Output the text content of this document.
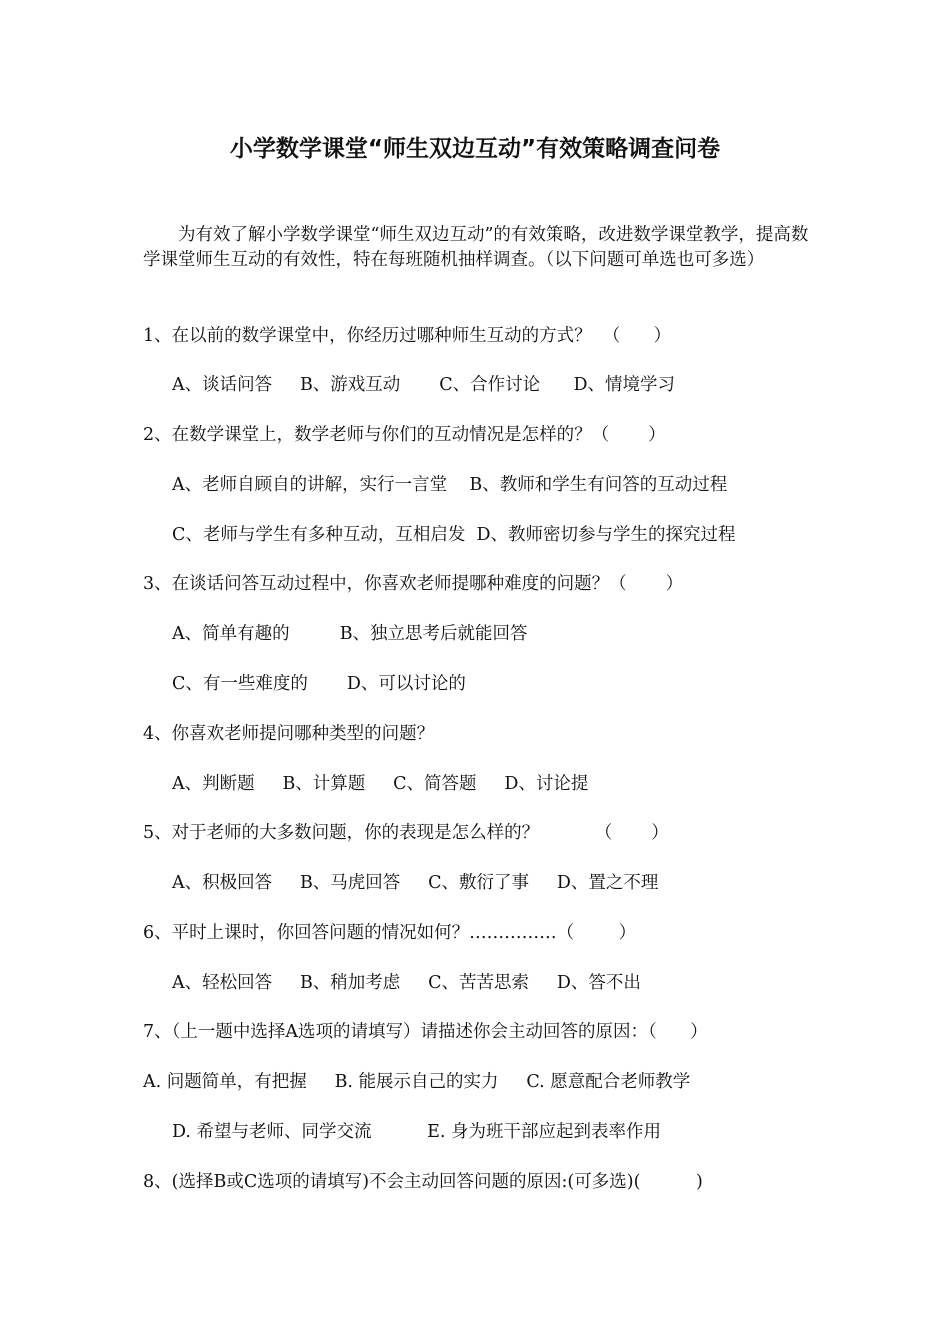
小学数学课堂“师生双边互动”有效策略调查问卷
为有效了解小学数学课堂“师生双边互动”的有效策略，改进数学课堂教学，提高数学课堂师生互动的有效性，特在每班随机抽样调查。（以下问题可单选也可多选）
1、在以前的数学课堂中，你经历过哪种师生互动的方式？  （      ）
A、谈话问答     B、游戏互动       C、合作讨论      D、情境学习
2、在数学课堂上，数学老师与你们的互动情况是怎样的？（       ）
A、老师自顾自的讲解，实行一言堂    B、教师和学生有问答的互动过程
C、老师与学生有多种互动，互相启发  D、教师密切参与学生的探究过程
3、在谈话问答互动过程中，你喜欢老师提哪种难度的问题？（       ）
A、简单有趣的         B、独立思考后就能回答
C、有一些难度的       D、可以讨论的
4、你喜欢老师提问哪种类型的问题？
A、判断题     B、计算题     C、简答题     D、讨论提
5、对于老师的大多数问题，你的表现是怎么样的？          （       ）
A、积极回答     B、马虎回答     C、敷衍了事     D、置之不理
6、平时上课时，你回答问题的情况如何？……………（        ）
A、轻松回答     B、稍加考虑     C、苦苦思索     D、答不出
7、（上一题中选择A选项的请填写）请描述你会主动回答的原因：（      ）
A. 问题简单，有把握     B. 能展示自己的实力     C. 愿意配合老师教学
D. 希望与老师、同学交流          E. 身为班干部应起到表率作用
8、(选择B或C选项的请填写)不会主动回答问题的原因:(可多选)(          )
